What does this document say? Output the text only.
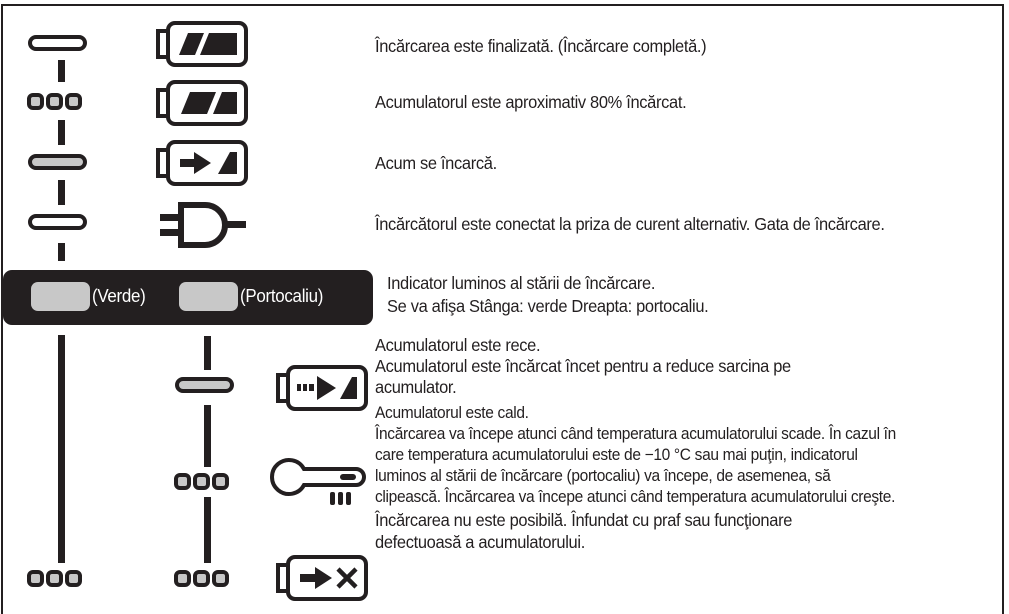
Încărcarea este finalizată. (Încărcare completă.)
Acumulatorul este aproximativ 80% încărcat.
Acum se încarcă.
Încărcătorul este conectat la priza de curent alternativ. Gata de încărcare.
(Verde)	(Portocaliu)
Indicator luminos al stării de încărcare.
Se va afişa Stânga: verde Dreapta: portocaliu.
Acumulatorul este rece.
Acumulatorul este încărcat încet pentru a reduce sarcina pe
acumulator.
Acumulatorul este cald.
Încărcarea va începe atunci când temperatura acumulatorului scade. În cazul în
care temperatura acumulatorului este de −10 °C sau mai puţin, indicatorul
luminos al stării de încărcare (portocaliu) va începe, de asemenea, să
clipească. Încărcarea va începe atunci când temperatura acumulatorului creşte.
Încărcarea nu este posibilă. Înfundat cu praf sau funcţionare
defectuoasă a acumulatorului.
